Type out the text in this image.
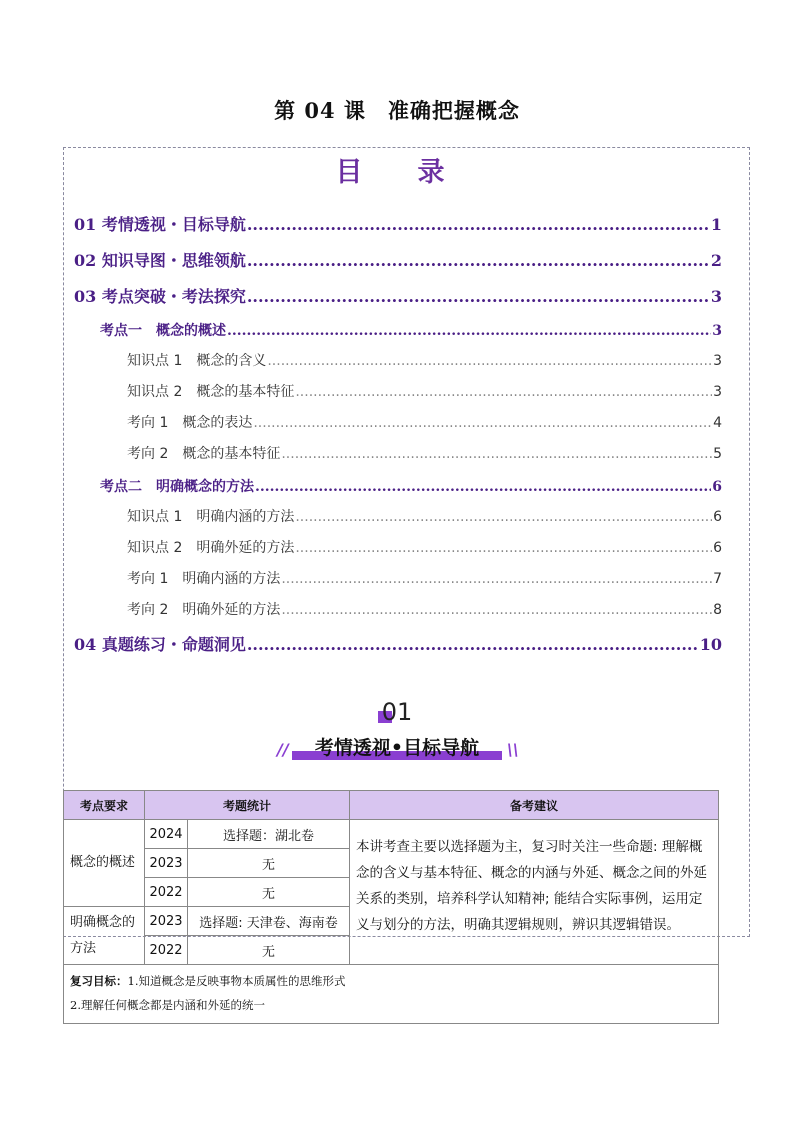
第 04 课　准确把握概念
目　录
01 考情透视・目标导航 .....	1
02 知识导图・思维领航 .....	2
03 考点突破・考法探究 .....	3
考点一　概念的概述 .....	3
知识点 1　概念的含义 .....	3
知识点 2　概念的基本特征 .....	3
考向 1　概念的表达 .....	4
考向 2　概念的基本特征 .....	5
考点二　明确概念的方法 .....	6
知识点 1　明确内涵的方法 .....	6
知识点 2　明确外延的方法 .....	6
考向 1　明确内涵的方法 .....	7
考向 2　明确外延的方法 .....	8
04 真题练习・命题洞见 .....	10
01
//	考情透视•目标导航	\\
考点要求	考题统计		备考建议
概念的概述	2024	选择题：湖北卷	本讲考查主要以选择题为主，复习时关注一些命题: 理解概念的含义与基本特征、概念的内涵与外延、概念之间的外延关系的类别，培养科学认知精神; 能结合实际事例，运用定义与划分的方法，明确其逻辑规则，辨识其逻辑错误。
	2023	无	
	2022	无	
明确概念的方法	2023	选择题: 天津卷、海南卷	
	2022	无	

复习目标：1.知道概念是反映事物本质属性的思维形式
2.理解任何概念都是内涵和外延的统一			
